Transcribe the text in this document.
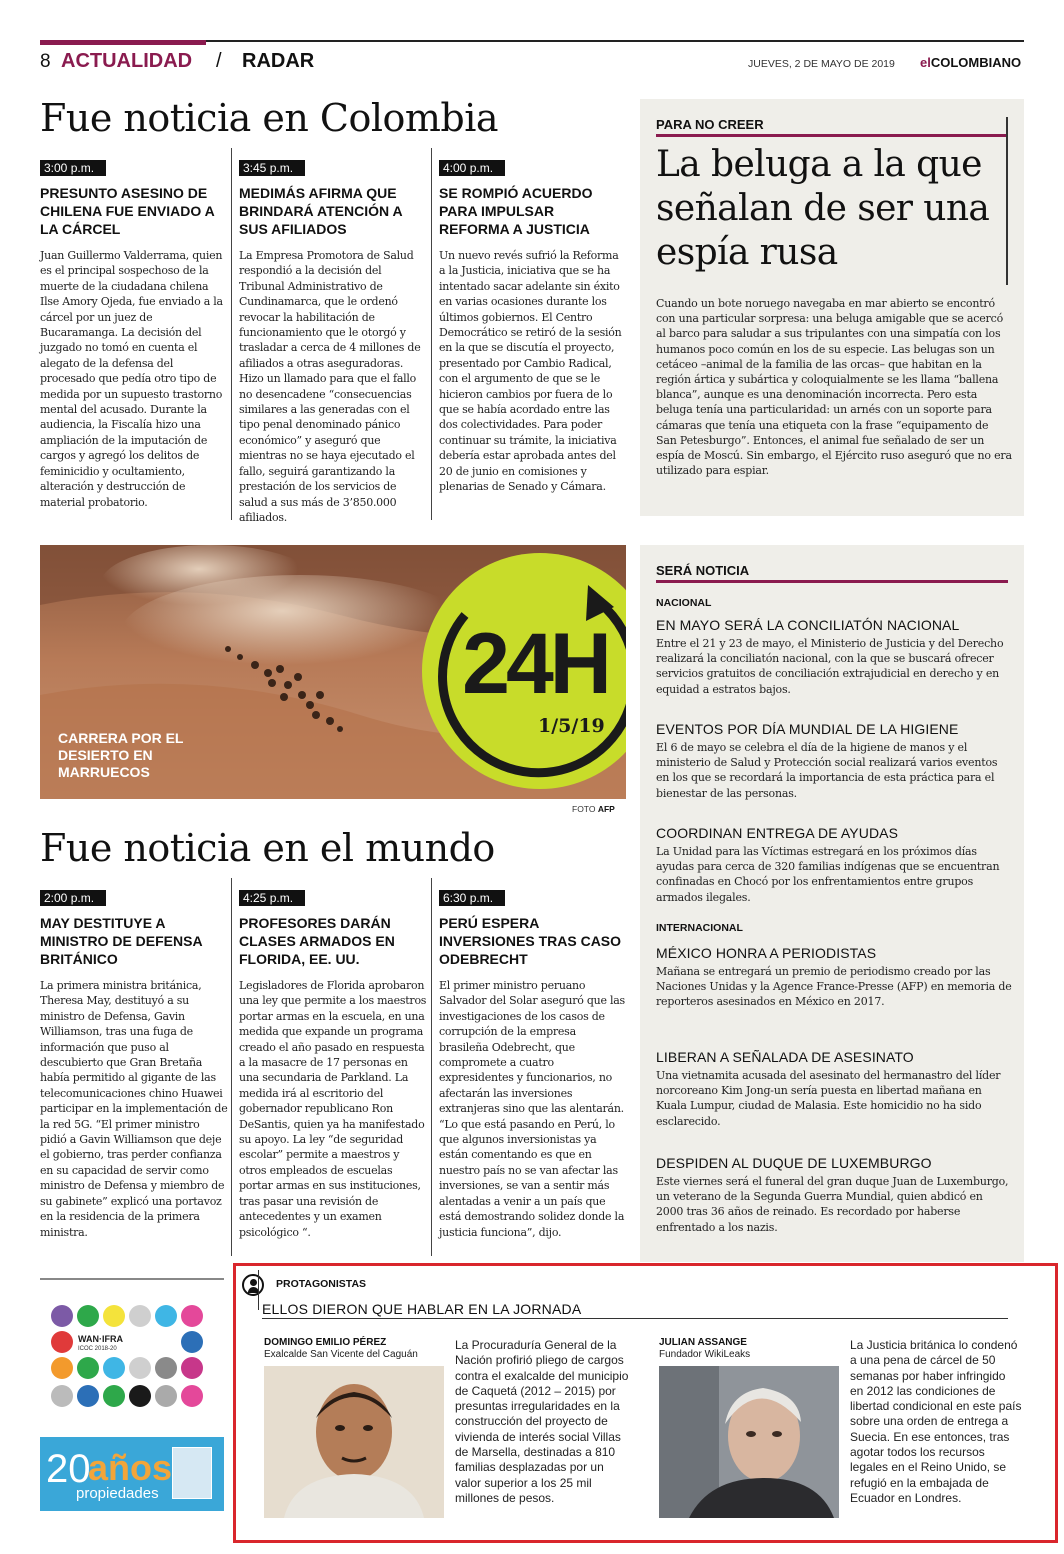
8 ACTUALIDAD / RADAR	JUEVES, 2 DE MAYO DE 2019 elCOLOMBIANO
Fue noticia en Colombia
3:00 p.m.
PRESUNTO ASESINO DE CHILENA FUE ENVIADO A LA CÁRCEL
Juan Guillermo Valderrama, quien es el principal sospechoso de la muerte de la ciudadana chilena Ilse Amory Ojeda, fue enviado a la cárcel por un juez de Bucaramanga. La decisión del juzgado no tomó en cuenta el alegato de la defensa del procesado que pedía otro tipo de medida por un supuesto trastorno mental del acusado. Durante la audiencia, la Fiscalía hizo una ampliación de la imputación de cargos y agregó los delitos de feminicidio y ocultamiento, alteración y destrucción de material probatorio.
3:45 p.m.
MEDIMÁS AFIRMA QUE BRINDARÁ ATENCIÓN A SUS AFILIADOS
La Empresa Promotora de Salud respondió a la decisión del Tribunal Administrativo de Cundinamarca, que le ordenó revocar la habilitación de funcionamiento que le otorgó y trasladar a cerca de 4 millones de afiliados a otras aseguradoras. Hizo un llamado para que el fallo no desencadene “consecuencias similares a las generadas con el tipo penal denominado pánico económico” y aseguró que mientras no se haya ejecutado el fallo, seguirá garantizando la prestación de los servicios de salud a sus más de 3’850.000 afiliados.
4:00 p.m.
SE ROMPIÓ ACUERDO PARA IMPULSAR REFORMA A JUSTICIA
Un nuevo revés sufrió la Reforma a la Justicia, iniciativa que se ha intentado sacar adelante sin éxito en varias ocasiones durante los últimos gobiernos. El Centro Democrático se retiró de la sesión en la que se discutía el proyecto, presentado por Cambio Radical, con el argumento de que se le hicieron cambios por fuera de lo que se había acordado entre las dos colectividades. Para poder continuar su trámite, la iniciativa debería estar aprobada antes del 20 de junio en comisiones y plenarias de Senado y Cámara.
PARA NO CREER
La beluga a la que señalan de ser una espía rusa
Cuando un bote noruego navegaba en mar abierto se encontró con una particular sorpresa: una beluga amigable que se acercó al barco para saludar a sus tripulantes con una simpatía con los humanos poco común en los de su especie. Las belugas son un cetáceo –animal de la familia de las orcas– que habitan en la región ártica y subártica y coloquialmente se les llama “ballena blanca”, aunque es una denominación incorrecta. Pero esta beluga tenía una particularidad: un arnés con un soporte para cámaras que tenía una etiqueta con la frase “equipamento de San Petesburgo”. Entonces, el animal fue señalado de ser un espía de Moscú. Sin embargo, el Ejército ruso aseguró que no era utilizado para espiar.
24H
1/5/19
CARRERA POR EL DESIERTO EN MARRUECOS
FOTO AFP
SERÁ NOTICIA
NACIONAL
EN MAYO SERÁ LA CONCILIATÓN NACIONAL
Entre el 21 y 23 de mayo, el Ministerio de Justicia y del Derecho realizará la conciliatón nacional, con la que se buscará ofrecer servicios gratuitos de conciliación extrajudicial en derecho y en equidad a estratos bajos.
EVENTOS POR DÍA MUNDIAL DE LA HIGIENE
El 6 de mayo se celebra el día de la higiene de manos y el ministerio de Salud y Protección social realizará varios eventos en los que se recordará la importancia de esta práctica para el bienestar de las personas.
COORDINAN ENTREGA DE AYUDAS
La Unidad para las Víctimas estregará en los próximos días ayudas para cerca de 320 familias indígenas que se encuentran confinadas en Chocó por los enfrentamientos entre grupos armados ilegales.
INTERNACIONAL
MÉXICO HONRA A PERIODISTAS
Mañana se entregará un premio de periodismo creado por las Naciones Unidas y la Agence France-Presse (AFP) en memoria de reporteros asesinados en México en 2017.
LIBERAN A SEÑALADA DE ASESINATO
Una vietnamita acusada del asesinato del hermanastro del líder norcoreano Kim Jong-un sería puesta en libertad mañana en Kuala Lumpur, ciudad de Malasia. Este homicidio no ha sido esclarecido.
DESPIDEN AL DUQUE DE LUXEMBURGO
Este viernes será el funeral del gran duque Juan de Luxemburgo, un veterano de la Segunda Guerra Mundial, quien abdicó en 2000 tras 36 años de reinado. Es recordado por haberse enfrentado a los nazis.
Fue noticia en el mundo
2:00 p.m.
MAY DESTITUYE A MINISTRO DE DEFENSA BRITÁNICO
La primera ministra británica, Theresa May, destituyó a su ministro de Defensa, Gavin Williamson, tras una fuga de información que puso al descubierto que Gran Bretaña había permitido al gigante de las telecomunicaciones chino Huawei participar en la implementación de la red 5G. “El primer ministro pidió a Gavin Williamson que deje el gobierno, tras perder confianza en su capacidad de servir como ministro de Defensa y miembro de su gabinete” explicó una portavoz en la residencia de la primera ministra.
4:25 p.m.
PROFESORES DARÁN CLASES ARMADOS EN FLORIDA, EE. UU.
Legisladores de Florida aprobaron una ley que permite a los maestros portar armas en la escuela, en una medida que expande un programa creado el año pasado en respuesta a la masacre de 17 personas en una secundaria de Parkland. La medida irá al escritorio del gobernador republicano Ron DeSantis, quien ya ha manifestado su apoyo. La ley “de seguridad escolar” permite a maestros y otros empleados de escuelas portar armas en sus instituciones, tras pasar una revisión de antecedentes y un examen psicológico “.
6:30 p.m.
PERÚ ESPERA INVERSIONES TRAS CASO ODEBRECHT
El primer ministro peruano Salvador del Solar aseguró que las investigaciones de los casos de corrupción de la empresa brasileña Odebrecht, que compromete a cuatro expresidentes y funcionarios, no afectarán las inversiones extranjeras sino que las alentarán. “Lo que está pasando en Perú, lo que algunos inversionistas ya están comentando es que en nuestro país no se van afectar las inversiones, se van a sentir más alentadas a venir a un país que está demostrando solidez donde la justicia funciona”, dijo.
WAN·IFRA
ICOC 2018-20
20
años
propiedades
PROTAGONISTAS
ELLOS DIERON QUE HABLAR EN LA JORNADA
DOMINGO EMILIO PÉREZ
Exalcalde San Vicente del Caguán
La Procuraduría General de la Nación profirió pliego de cargos contra el exalcalde del municipio de Caquetá (2012 – 2015) por presuntas irregularidades en la construcción del proyecto de vivienda de interés social Villas de Marsella, destinadas a 810 familias desplazadas por un valor superior a los 25 mil millones de pesos.
JULIAN ASSANGE
Fundador WikiLeaks
La Justicia británica lo condenó a una pena de cárcel de 50 semanas por haber infringido en 2012 las condiciones de libertad condicional en este país sobre una orden de entrega a Suecia. En ese entonces, tras agotar todos los recursos legales en el Reino Unido, se refugió en la embajada de Ecuador en Londres.
